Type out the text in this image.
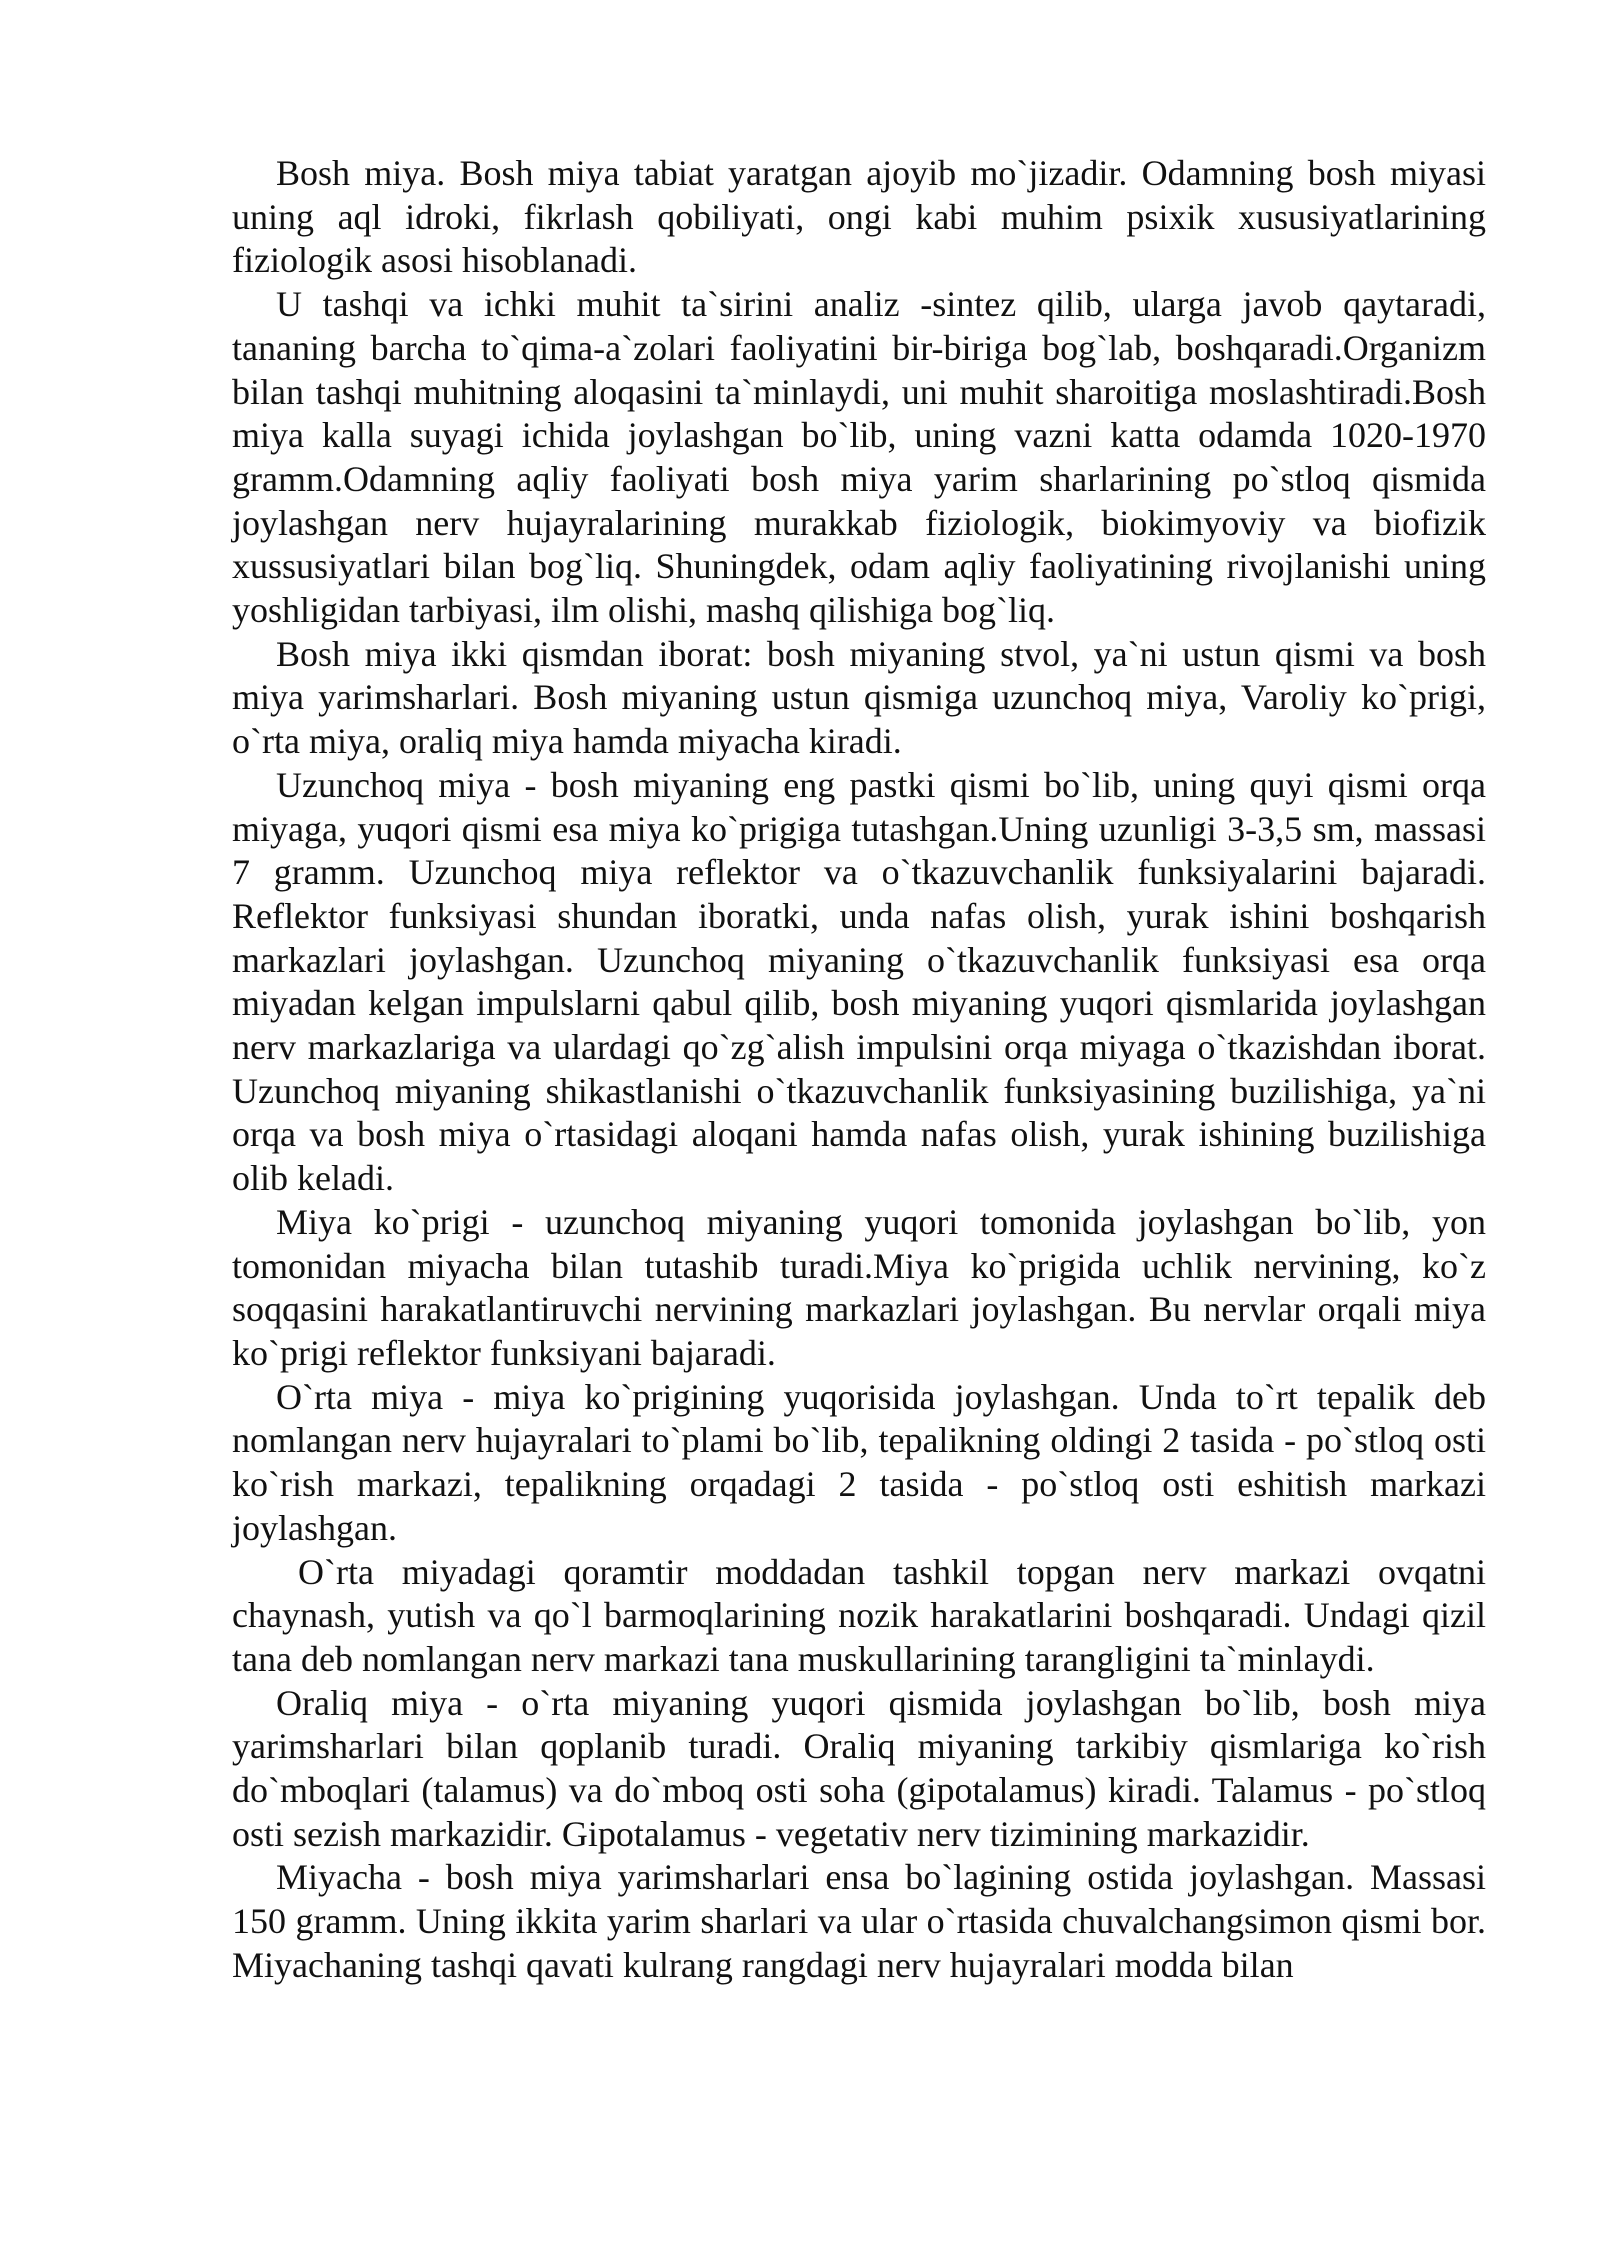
Bosh miya. Bosh miya tabiat yaratgan ajoyib mo`jizadir. Odamning bosh miyasi uning aql idroki, fikrlash qobiliyati, ongi kabi muhim psixik xususiyatlarining fiziologik asosi hisoblanadi.

U tashqi va ichki muhit ta`sirini analiz -sintez qilib, ularga javob qaytaradi, tananing barcha to`qima-a`zolari faoliyatini bir-biriga bog`lab, boshqaradi.Organizm bilan tashqi muhitning aloqasini ta`minlaydi, uni muhit sharoitiga moslashtiradi.Bosh miya kalla suyagi ichida joylashgan bo`lib, uning vazni katta odamda 1020-1970 gramm.Odamning aqliy faoliyati bosh miya yarim sharlarining po`stloq qismida joylashgan nerv hujayralarining murakkab fiziologik, biokimyoviy va biofizik xussusiyatlari bilan bog`liq. Shuningdek, odam aqliy faoliyatining rivojlanishi uning yoshligidan tarbiyasi, ilm olishi, mashq qilishiga bog`liq.

Bosh miya ikki qismdan iborat: bosh miyaning stvol, ya`ni ustun qismi va bosh miya yarimsharlari. Bosh miyaning ustun qismiga uzunchoq miya, Varoliy ko`prigi, o`rta miya, oraliq miya hamda miyacha kiradi.

Uzunchoq miya - bosh miyaning eng pastki qismi bo`lib, uning quyi qismi orqa miyaga, yuqori qismi esa miya ko`prigiga tutashgan.Uning uzunligi 3-3,5 sm, massasi 7 gramm. Uzunchoq miya reflektor va o`tkazuvchanlik funksiyalarini bajaradi. Reflektor funksiyasi shundan iboratki, unda nafas olish, yurak ishini boshqarish markazlari joylashgan. Uzunchoq miyaning o`tkazuvchanlik funksiyasi esa orqa miyadan kelgan impulslarni qabul qilib, bosh miyaning yuqori qismlarida joylashgan nerv markazlariga va ulardagi qo`zg`alish impulsini orqa miyaga o`tkazishdan iborat. Uzunchoq miyaning shikastlanishi o`tkazuvchanlik funksiyasining buzilishiga, ya`ni orqa va bosh miya o`rtasidagi aloqani hamda nafas olish, yurak ishining buzilishiga olib keladi.

Miya ko`prigi - uzunchoq miyaning yuqori tomonida joylashgan bo`lib, yon tomonidan miyacha bilan tutashib turadi.Miya ko`prigida uchlik nervining, ko`z soqqasini harakatlantiruvchi nervining markazlari joylashgan. Bu nervlar orqali miya ko`prigi reflektor funksiyani bajaradi.

O`rta miya - miya ko`prigining yuqorisida joylashgan. Unda to`rt tepalik deb nomlangan nerv hujayralari to`plami bo`lib, tepalikning oldingi 2 tasida - po`stloq osti ko`rish markazi, tepalikning orqadagi 2 tasida - po`stloq osti eshitish markazi joylashgan.

O`rta miyadagi qoramtir moddadan tashkil topgan nerv markazi ovqatni chaynash, yutish va qo`l barmoqlarining nozik harakatlarini boshqaradi. Undagi qizil tana deb nomlangan nerv markazi tana muskullarining tarangligini ta`minlaydi.

Oraliq miya - o`rta miyaning yuqori qismida joylashgan bo`lib, bosh miya yarimsharlari bilan qoplanib turadi. Oraliq miyaning tarkibiy qismlariga ko`rish do`mboqlari (talamus) va do`mboq osti soha (gipotalamus) kiradi. Talamus - po`stloq osti sezish markazidir. Gipotalamus - vegetativ nerv tizimining markazidir.

Miyacha - bosh miya yarimsharlari ensa bo`lagining ostida joylashgan. Massasi 150 gramm. Uning ikkita yarim sharlari va ular o`rtasida chuvalchangsimon qismi bor. Miyachaning tashqi qavati kulrang rangdagi nerv hujayralari modda bilan
